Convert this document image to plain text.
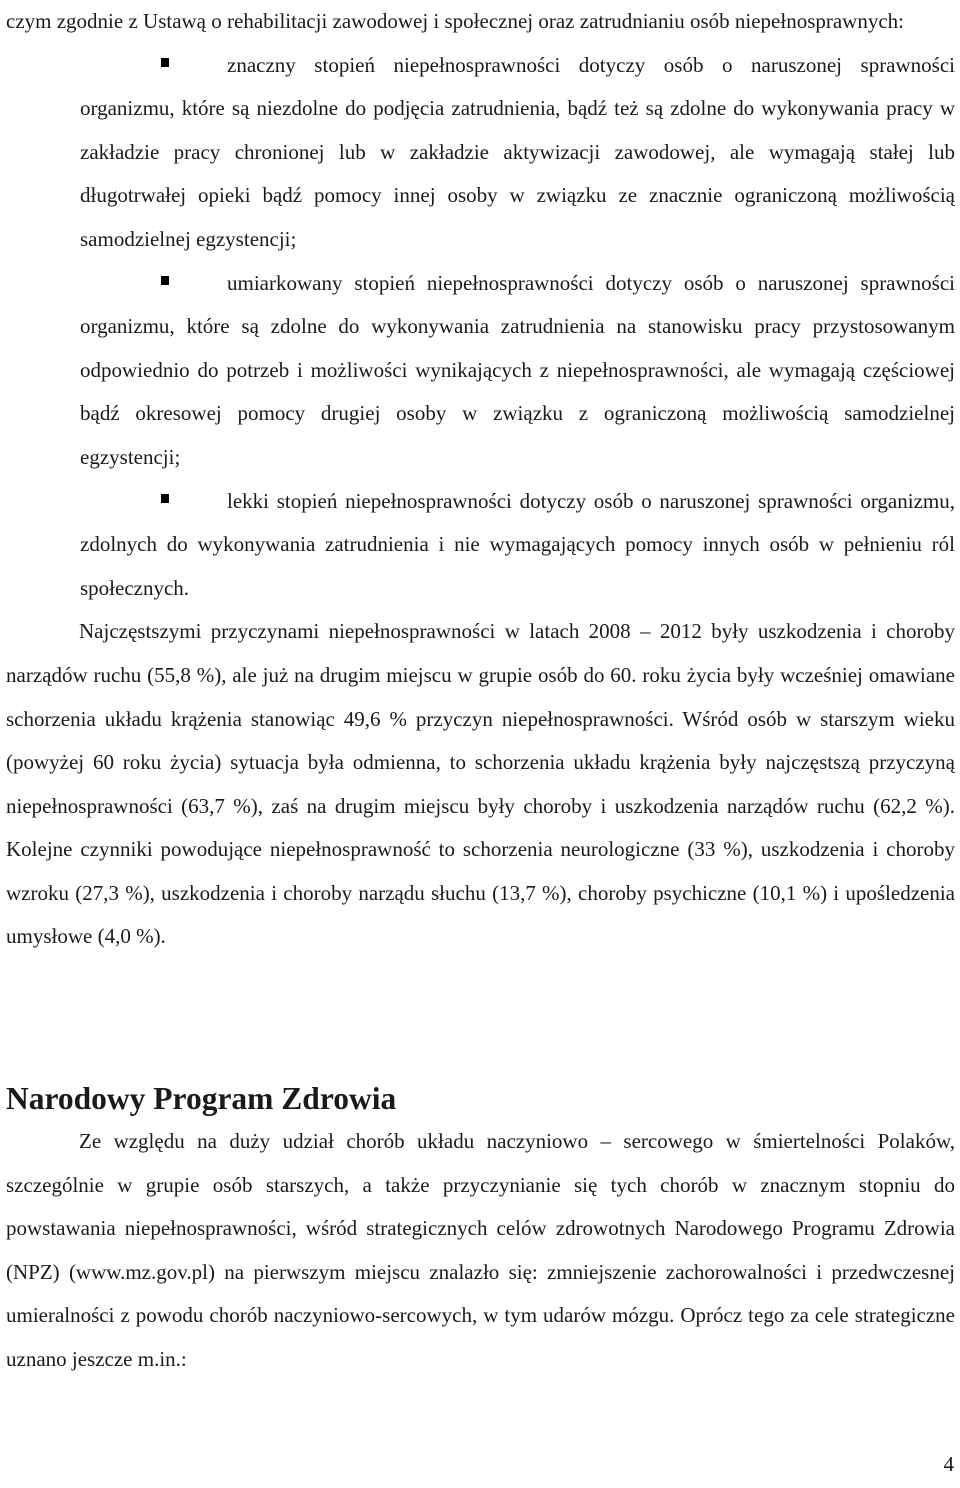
czym zgodnie z Ustawą o rehabilitacji zawodowej i społecznej oraz zatrudnianiu osób niepełnosprawnych:

znaczny stopień niepełnosprawności dotyczy osób o naruszonej sprawności organizmu, które są niezdolne do podjęcia zatrudnienia, bądź też są zdolne do wykonywania pracy w zakładzie pracy chronionej lub w zakładzie aktywizacji zawodowej, ale wymagają stałej lub długotrwałej opieki bądź pomocy innej osoby w związku ze znacznie ograniczoną możliwością samodzielnej egzystencji;
umiarkowany stopień niepełnosprawności dotyczy osób o naruszonej sprawności organizmu, które są zdolne do wykonywania zatrudnienia na stanowisku pracy przystosowanym odpowiednio do potrzeb i możliwości wynikających z niepełnosprawności, ale wymagają częściowej bądź okresowej pomocy drugiej osoby w związku z ograniczoną możliwością samodzielnej egzystencji;
lekki stopień niepełnosprawności dotyczy osób o naruszonej sprawności organizmu, zdolnych do wykonywania zatrudnienia i nie wymagających pomocy innych osób w pełnieniu ról społecznych.

Najczęstszymi przyczynami niepełnosprawności w latach 2008 – 2012 były uszkodzenia i choroby narządów ruchu (55,8 %), ale już na drugim miejscu w grupie osób do 60. roku życia były wcześniej omawiane schorzenia układu krążenia stanowiąc 49,6 % przyczyn niepełnosprawności. Wśród osób w starszym wieku (powyżej 60 roku życia) sytuacja była odmienna, to schorzenia układu krążenia były najczęstszą przyczyną niepełnosprawności (63,7 %), zaś na drugim miejscu były choroby i uszkodzenia narządów ruchu (62,2 %). Kolejne czynniki powodujące niepełnosprawność to schorzenia neurologiczne (33 %), uszkodzenia i choroby wzroku (27,3 %), uszkodzenia i choroby narządu słuchu (13,7 %), choroby psychiczne (10,1 %) i upośledzenia umysłowe (4,0 %).

Narodowy Program Zdrowia

Ze względu na duży udział chorób układu naczyniowo – sercowego w śmiertelności Polaków, szczególnie w grupie osób starszych, a także przyczynianie się tych chorób w znacznym stopniu do powstawania niepełnosprawności, wśród strategicznych celów zdrowotnych Narodowego Programu Zdrowia (NPZ) (www.mz.gov.pl) na pierwszym miejscu znalazło się: zmniejszenie zachorowalności i przedwczesnej umieralności z powodu chorób naczyniowo-sercowych, w tym udarów mózgu. Oprócz tego za cele strategiczne uznano jeszcze m.in.:

4
